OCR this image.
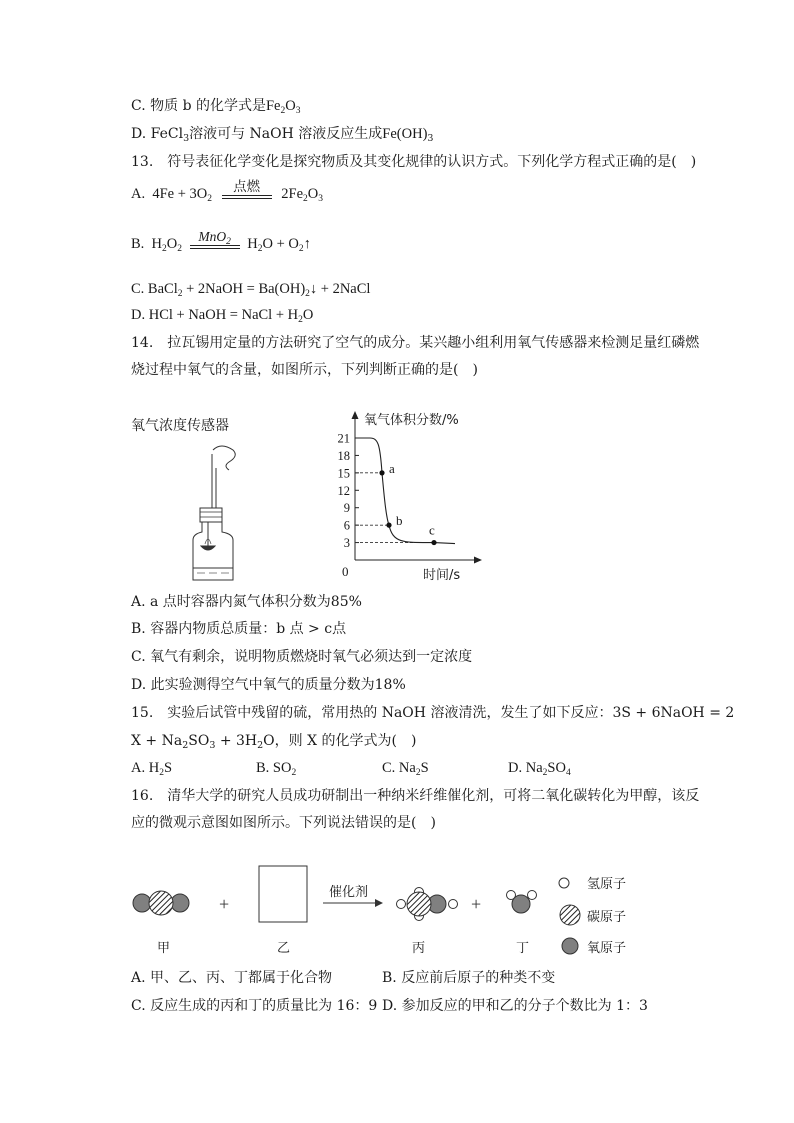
C. 物质 b 的化学式是$Fe_2O_3$
D. FeCl$_3$溶液可与 NaOH 溶液反应生成$Fe(OH)_3$
13.　符号表征化学变化是探究物质及其变化规律的认识方式。下列化学方程式正确的是(　)
A. $4Fe + 3O_2$
点燃	$2Fe_2O_3$
B. $H_2O_2$
MnO$_2$	$H_2O$ + $O_2↑$
C. BaCl$_2$ + 2NaOH = $Ba(OH)_2↓$ + 2NaCl
D. HCl + NaOH = NaCl + $H_2O$
14.　拉瓦锡用定量的方法研究了空气的成分。某兴趣小组利用氧气传感器来检测足量红磷燃
烧过程中氧气的含量，如图所示，下列判断正确的是(　)
氧气浓度传感器	氧气体积分数/%
时间/s
0
21
18
15
12
9
6
3
a
b
c
A. a 点时容器内氮气体积分数为85%
B. 容器内物质总质量：b 点 > c点
C. 氧气有剩余，说明物质燃烧时氧气必须达到一定浓度
D. 此实验测得空气中氧气的质量分数为18%
15.　实验后试管中残留的硫，常用热的 NaOH 溶液清洗，发生了如下反应：3S + 6NaOH = 2
$X + Na_2SO_3 + 3H_2O$，则 X 的化学式为(　)
A. $H_2S$	B. $SO_2$	C. $Na_2S$	D. $Na_2SO_4$
16.　清华大学的研究人员成功研制出一种纳米纤维催化剂，可将二氧化碳转化为甲醇，该反
应的微观示意图如图所示。下列说法错误的是(　)
+
催化剂
+
氢原子
碳原子
氧原子
甲	乙	丙	丁
A. 甲、乙、丙、丁都属于化合物	B. 反应前后原子的种类不变
C. 反应生成的丙和丁的质量比为 16：9 D. 参加反应的甲和乙的分子个数比为 1：3
